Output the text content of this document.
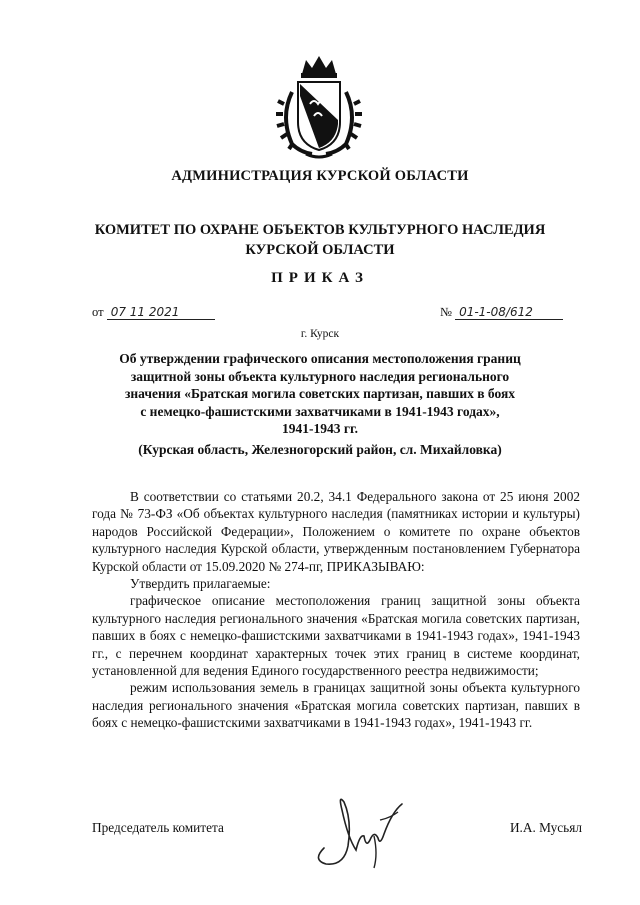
АДМИНИСТРАЦИЯ КУРСКОЙ ОБЛАСТИ
КОМИТЕТ ПО ОХРАНЕ ОБЪЕКТОВ КУЛЬТУРНОГО НАСЛЕДИЯ
КУРСКОЙ ОБЛАСТИ
ПРИКАЗ
от 07 11 2021	№ 01-1-08/612
г. Курск
Об утверждении графического описания местоположения границ
защитной зоны объекта культурного наследия регионального
значения «Братская могила советских партизан, павших в боях
с немецко-фашистскими захватчиками в 1941-1943 годах»,
1941-1943 гг.
(Курская область, Железногорский район, сл. Михайловка)

В соответствии со статьями 20.2, 34.1 Федерального закона от 25 июня 2002 года № 73-ФЗ «Об объектах культурного наследия (памятниках истории и культуры) народов Российской Федерации», Положением о комитете по охране объектов культурного наследия Курской области, утвержденным постановлением Губернатора Курской области от 15.09.2020 № 274-пг, ПРИКАЗЫВАЮ:

Утвердить прилагаемые:

графическое описание местоположения границ защитной зоны объекта культурного наследия регионального значения «Братская могила советских партизан, павших в боях с немецко-фашистскими захватчиками в 1941-1943 годах», 1941-1943 гг., с перечнем координат характерных точек этих границ в системе координат, установленной для ведения Единого государственного реестра недвижимости;

режим использования земель в границах защитной зоны объекта культурного наследия регионального значения «Братская могила советских партизан, павших в боях с немецко-фашистскими захватчиками в 1941-1943 годах», 1941-1943 гг.

Председатель комитета	И.А. Мусьял
